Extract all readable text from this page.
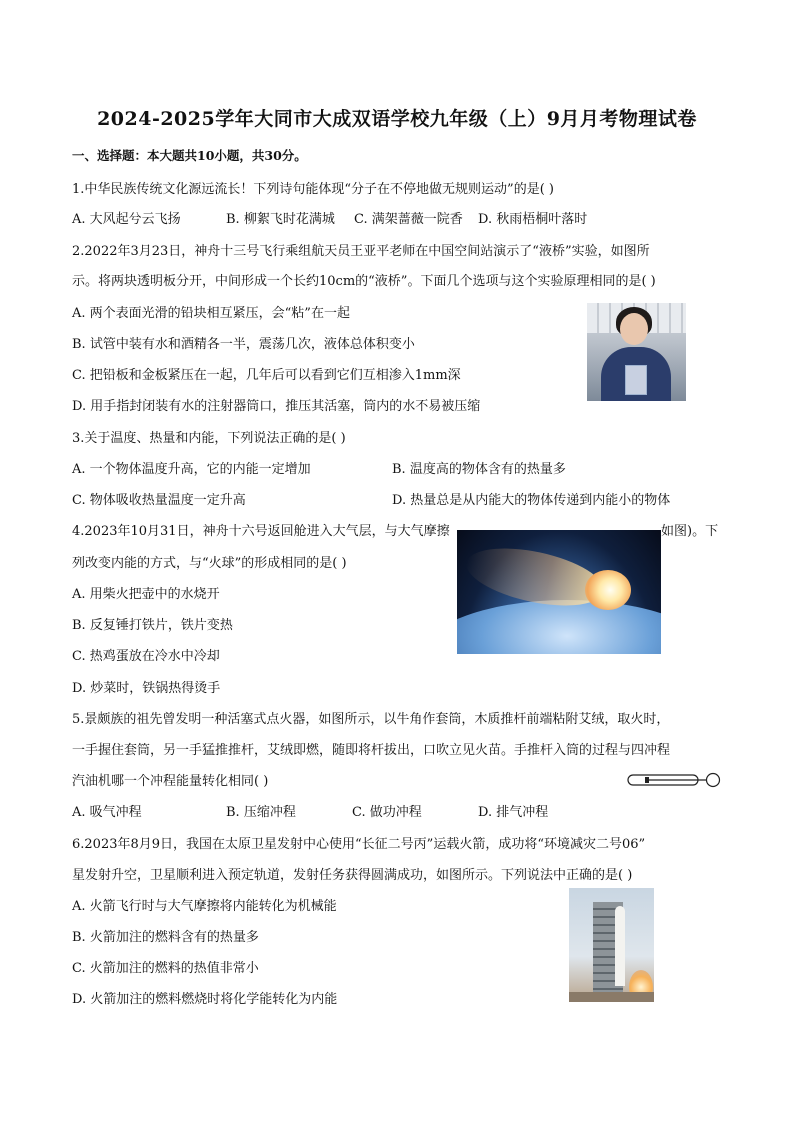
2024-2025学年大同市大成双语学校九年级（上）9月月考物理试卷
一、选择题：本大题共10小题，共30分。
1.中华民族传统文化源远流长！下列诗句能体现“分子在不停地做无规则运动”的是( )
A. 大风起兮云飞扬	B. 柳絮飞时花满城 C. 满架蔷薇一院香 D. 秋雨梧桐叶落时
2.2022年3月23日，神舟十三号飞行乘组航天员王亚平老师在中国空间站演示了“液桥”实验，如图所
示。将两块透明板分开，中间形成一个长约10cm的“液桥”。下面几个选项与这个实验原理相同的是( )
A. 两个表面光滑的铅块相互紧压，会“粘”在一起
B. 试管中装有水和酒精各一半，震荡几次，液体总体积变小
C. 把铅板和金板紧压在一起，几年后可以看到它们互相渗入1mm深
D. 用手指封闭装有水的注射器筒口，推压其活塞，筒内的水不易被压缩
3.关于温度、热量和内能，下列说法正确的是( )
A. 一个物体温度升高，它的内能一定增加	B. 温度高的物体含有的热量多
C. 物体吸收热量温度一定升高	D. 热量总是从内能大的物体传递到内能小的物体
4.2023年10月31日，神舟十六号返回舱进入大气层，与大气摩擦	如图)。下
列改变内能的方式，与“火球”的形成相同的是( )
A. 用柴火把壶中的水烧开
B. 反复锤打铁片，铁片变热
C. 热鸡蛋放在冷水中冷却
D. 炒菜时，铁锅热得烫手
5.景颇族的祖先曾发明一种活塞式点火器，如图所示，以牛角作套筒，木质推杆前端粘附艾绒，取火时，
一手握住套筒，另一手猛推推杆，艾绒即燃，随即将杆拔出，口吹立见火苗。手推杆入筒的过程与四冲程
汽油机哪一个冲程能量转化相同( )
A. 吸气冲程	B. 压缩冲程	C. 做功冲程	D. 排气冲程
6.2023年8月9日，我国在太原卫星发射中心使用“长征二号丙”运载火箭，成功将“环境减灾二号06”
星发射升空，卫星顺利进入预定轨道，发射任务获得圆满成功，如图所示。下列说法中正确的是( )
A. 火箭飞行时与大气摩擦将内能转化为机械能
B. 火箭加注的燃料含有的热量多
C. 火箭加注的燃料的热值非常小
D. 火箭加注的燃料燃烧时将化学能转化为内能
